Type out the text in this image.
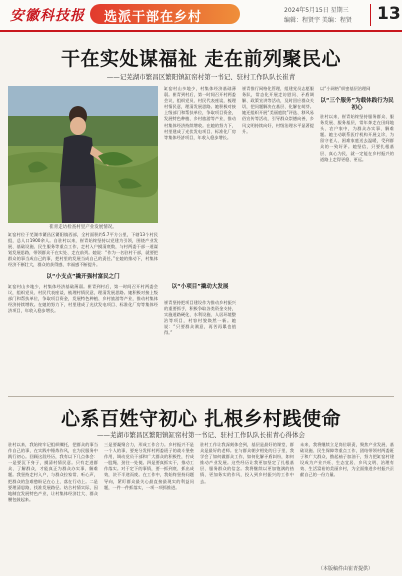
安徽科技报 选派干部在乡村	2024年5月15日 星期三
编辑：程贤宇 美编：程贤 13
干在实处谋福祉 走在前列聚民心
——记芜湖市繁昌区繁阳镇缸窑村第一书记、驻村工作队队长崔青
崔青走访检查村里产业发展情况。
缸窑村位于芜湖市繁昌区繁阳镇西部，全村面积约5.7平方公里，下辖13个村民组，总人口1900余人。自驻村以来，崔青始终坚持以党建为引领，围绕产业发展、基础设施、民生服务等重点工作，走村入户摸清底数，与村两委干部一道谋划发展思路，带领群众干在实处、走在前列。她说：“作为一名驻村干部，就要把群众的事当成自己的事，把村里的发展当成自己的责任。”在她的推动下，村集体经济不断壮大，群众的获得感、幸福感不断提升。
以“小支点”撬开强村富民之门
缸窑村山多地少，村集体经济基础薄弱。崔青到村后，第一时间召开村两委会议，组织党员、村民代表座谈，梳理村情民意，理清发展思路。她积极对接上级部门和帮扶单位，争取项目资金，发展特色种植、乡村旅游等产业，推动村集体经济持续增收。在她的努力下，村里建成了光伏发电项目、标准化厂房等集体经济项目，年收入稳步增长。
缸窑村山多地少，村集体经济基础薄弱。崔青到村后，第一时间召开村两委会议，组织党员、村民代表座谈，梳理村情民意，理清发展思路。她积极对接上级部门和帮扶单位，争取项目资金，发展特色种植、乡村旅游等产业，推动村集体经济持续增收。在她的努力下，村里建成了光伏发电项目、标准化厂房等集体经济项目，年收入稳步增长。
以“小项目”撬动大发展
崔青坚持把项目建设作为推动乡村振兴的重要抓手，积极争取各类资金支持，实施道路硬化、水利设施、人居环境整治等项目，村容村貌焕然一新。她说：“只要群众满意，再苦再累也值得。”
崔青推行网格化管理，组建党员志愿服务队，常态化开展走访慰问、矛盾调解、政策宣讲等活动，及时回应群众关切，把问题解决在基层、化解在萌芽。她还组织开展“美丽庭院”评选、移风易俗宣传等活动，引导群众崇德向善，乡风文明持续向好，村级治理水平显著提升。
以“小网格”织密基层治理网
以“三个服务”为载体践行为民初心
驻村以来，崔青始终坚持服务群众、服务发展、服务基层，常年奔走在田间地头、农户家中，为群众办实事、解难题。她主动联系医疗机构开展义诊，为留守老人、困难家庭送去温暖，受到群众的一致好评。她坚信，只要扎根基层、真心为民，就一定能在乡村振兴的道路上走得更稳、更远。
心系百姓守初心 扎根乡村践使命
——芜湖市繁昌区繁阳镇缸窑村第一书记、驻村工作队队长崔青心得体会
驻村以来，我始终牢记组织嘱托，把群众的事当作自己的事，在实践中锤炼作风，在为民服务中践行初心。回顾这段经历，我有以下几点体会：一是要沉下身子，摸清村情民意。只有走进群众、了解群众，才能真正为群众办实事、解难题。我坚持走村入户，与群众拉家常、听心声，把群众的急难愁盼记在心上、落在行动上。二是要理清思路，找准发展路径。结合村情实际，因地制宜发展特色产业，让村集体经济壮大、群众腰包鼓起来。
三是要凝聚合力，形成工作合力。乡村振兴不是一个人的事，要充分发挥村两委班子的战斗堡垒作用，调动党员干部和广大群众的积极性，拧成一股绳、劲往一处使。四是要真抓实干，推动工作落实。对于定下的事情，要一抓到底、抓出成效，决不半途而废。在工作中，我始终坚持问题导向，紧盯群众最关心最直接最现实的利益问题，一件一件抓落实，一项一项抓推进。
驻村工作让我深刻体会到，基层是最好的课堂，群众是最好的老师。在与群众朝夕相处的日子里，我学会了如何做群众工作，如何化解矛盾纠纷，如何推动产业发展。这些经历让我更加坚定了扎根基层、服务群众的信念。我将继续以更加饱满的热情、更加务实的作风，投入到乡村振兴的工作中去。
未来，我将继续立足岗位职责，聚焦产业发展、基础设施、民生保障等重点工作，团结带领村两委班子和广大群众，撸起袖子加油干，努力把缸窑村建设成为产业兴旺、生态宜居、乡风文明、治理有效、生活富裕的美丽乡村，为全面推进乡村振兴贡献自己的一份力量。
（本版稿件由崔青提供）
